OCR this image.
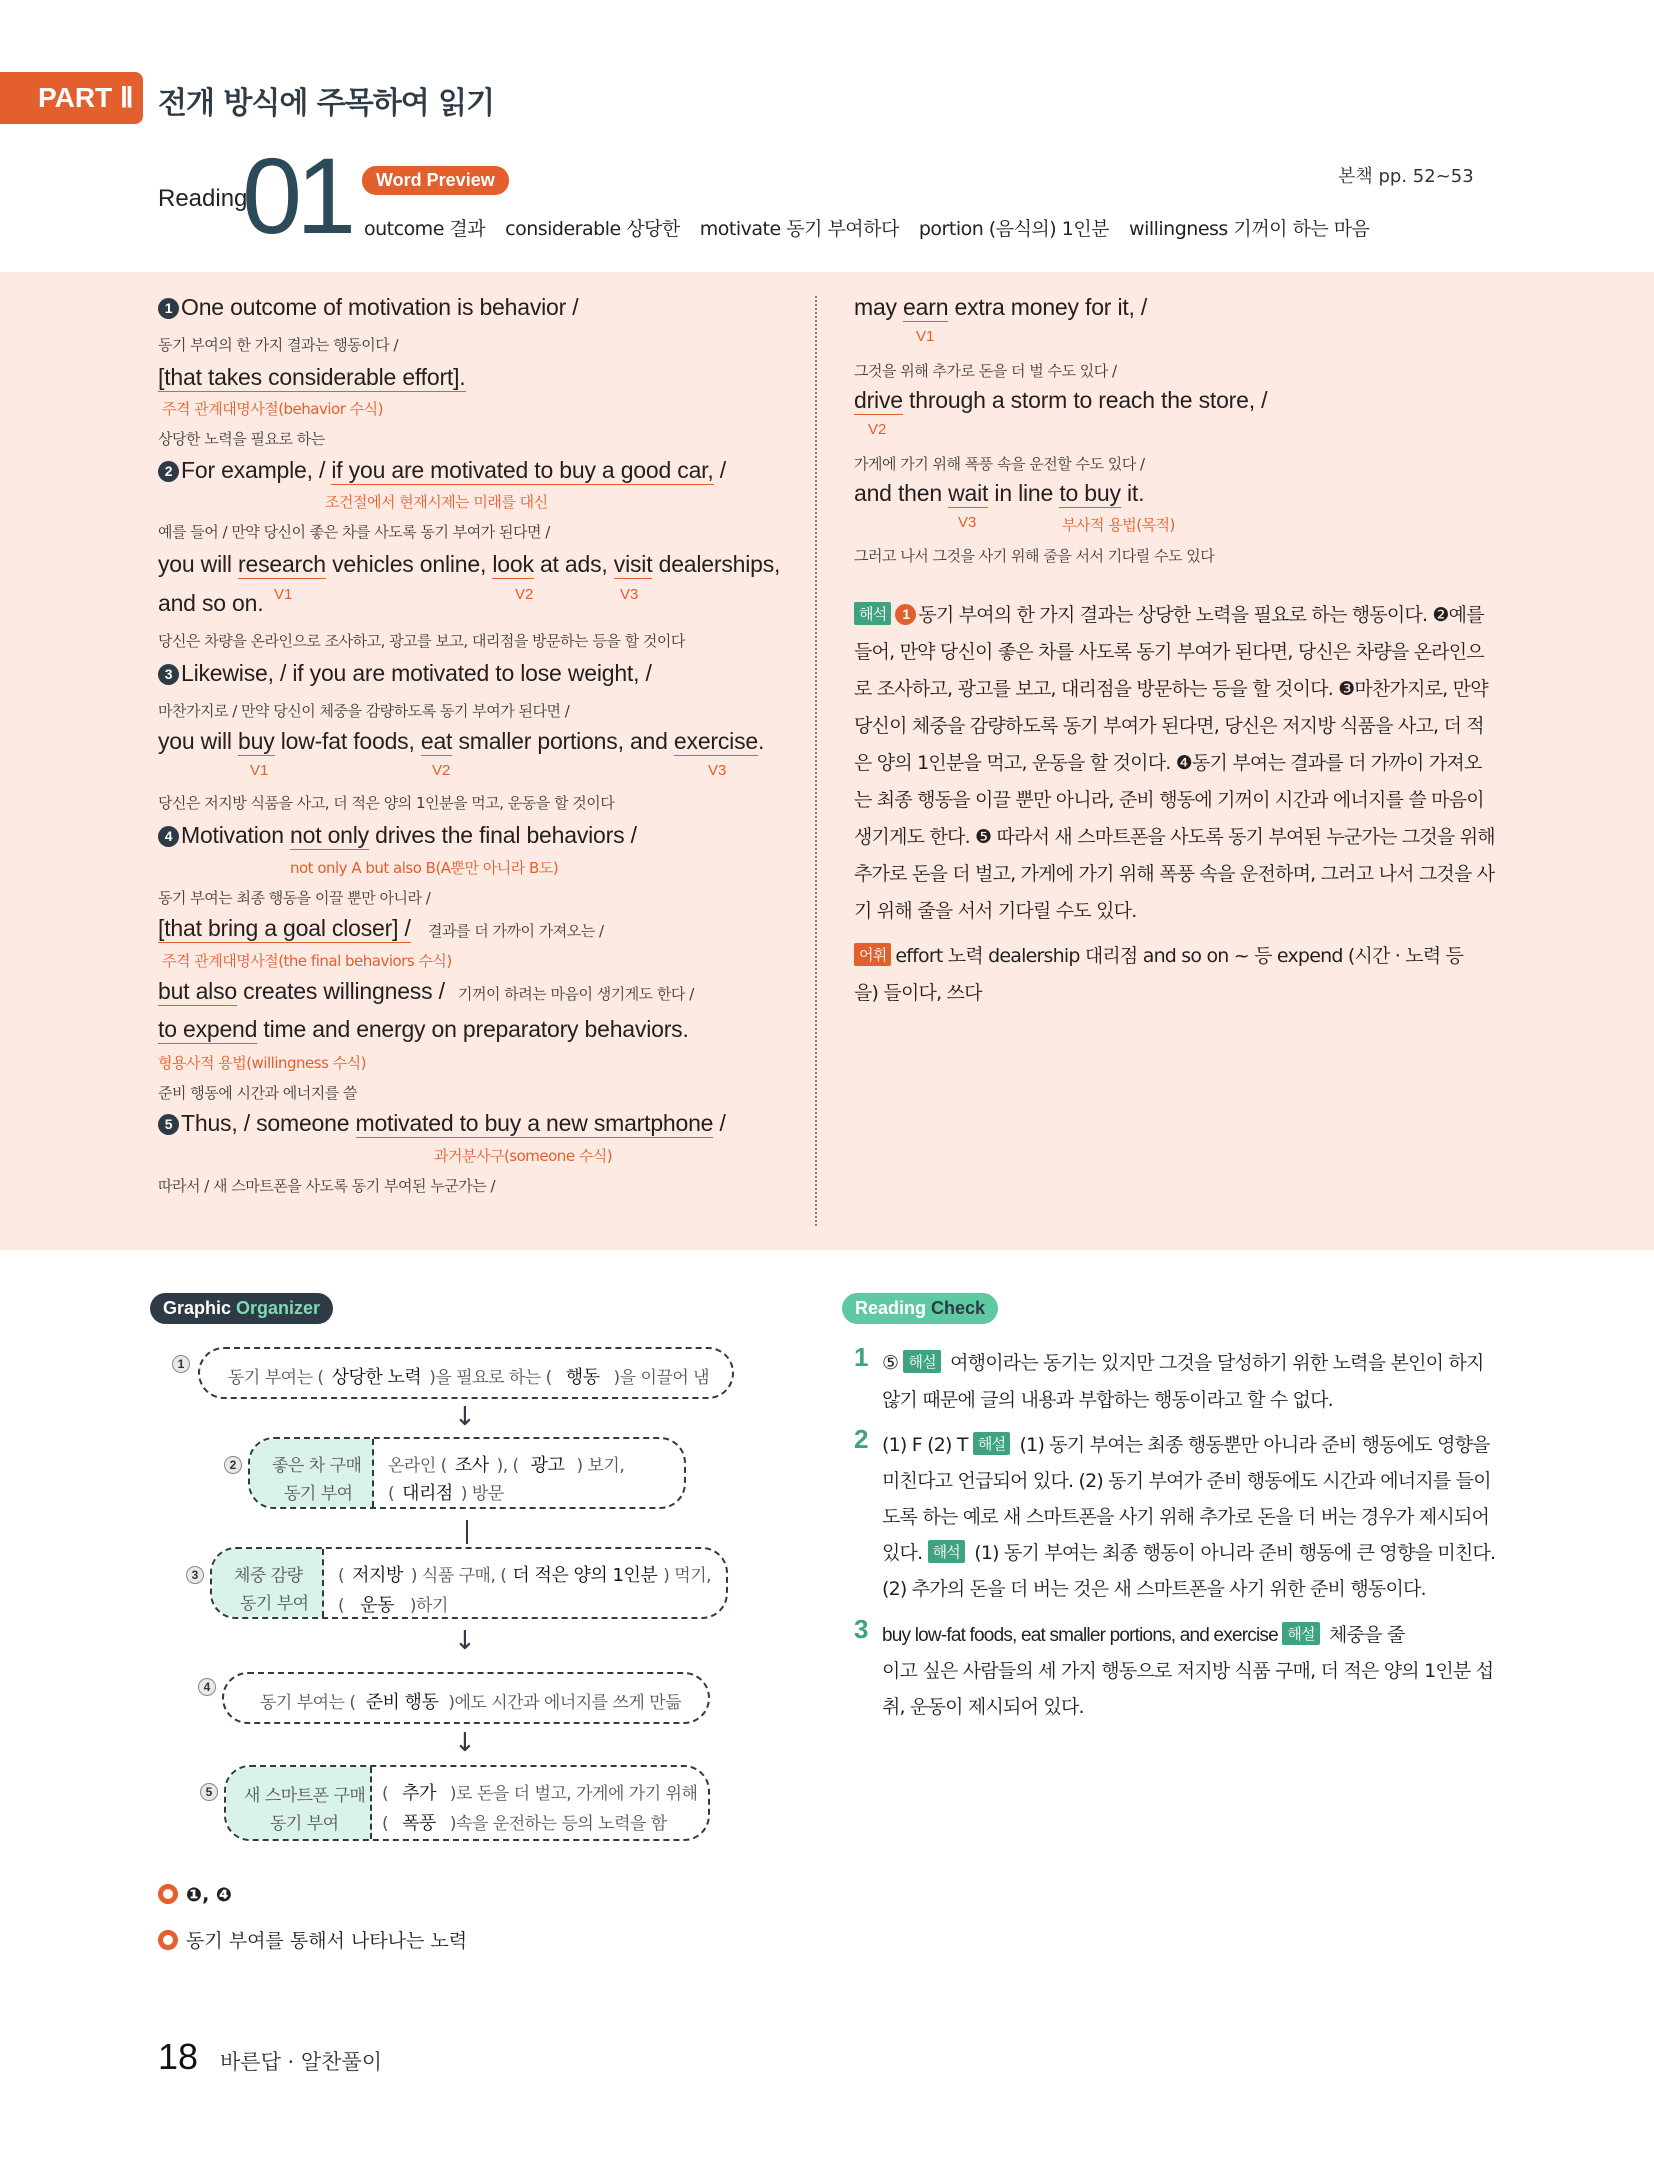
PART Ⅱ 전개 방식에 주목하여 읽기
Reading
01	Word Preview	본책 pp. 52~53
outcome 결과 considerable 상당한 motivate 동기 부여하다 portion (음식의) 1인분 willingness 기꺼이 하는 마음
1 One outcome of motivation is behavior /
동기 부여의 한 가지 결과는 행동이다 /
[that takes considerable effort].
주격 관계대명사절(behavior 수식)
상당한 노력을 필요로 하는
2 For example, / if you are motivated to buy a good car, /
조건절에서 현재시제는 미래를 대신
예를 들어 / 만약 당신이 좋은 차를 사도록 동기 부여가 된다면 /
you will research vehicles online, look at ads, visit dealerships,
and so on. V1	V2	V3
당신은 차량을 온라인으로 조사하고, 광고를 보고, 대리점을 방문하는 등을 할 것이다
3 Likewise, / if you are motivated to lose weight, /
마찬가지로 / 만약 당신이 체중을 감량하도록 동기 부여가 된다면 /
you will buy low-fat foods, eat smaller portions, and exercise.
V1	V2	V3
당신은 저지방 식품을 사고, 더 적은 양의 1인분을 먹고, 운동을 할 것이다
4 Motivation not only drives the final behaviors /
not only A but also B(A뿐만 아니라 B도)
동기 부여는 최종 행동을 이끌 뿐만 아니라 /
[that bring a goal closer] / 결과를 더 가까이 가져오는 /
주격 관계대명사절(the final behaviors 수식)
but also creates willingness / 기꺼이 하려는 마음이 생기게도 한다 /
to expend time and energy on preparatory behaviors.
형용사적 용법(willingness 수식)
준비 행동에 시간과 에너지를 쓸
5 Thus, / someone motivated to buy a new smartphone /
과거분사구(someone 수식)
따라서 / 새 스마트폰을 사도록 동기 부여된 누군가는 /
may earn extra money for it, /
V1
그것을 위해 추가로 돈을 더 벌 수도 있다 /
drive through a storm to reach the store, /
V2
가게에 가기 위해 폭풍 속을 운전할 수도 있다 /
and then wait in line to buy it.
V3	부사적 용법(목적)
그러고 나서 그것을 사기 위해 줄을 서서 기다릴 수도 있다
해석 1 동기 부여의 한 가지 결과는 상당한 노력을 필요로 하는 행동이다. ❷예를
들어, 만약 당신이 좋은 차를 사도록 동기 부여가 된다면, 당신은 차량을 온라인으
로 조사하고, 광고를 보고, 대리점을 방문하는 등을 할 것이다. ❸마찬가지로, 만약
당신이 체중을 감량하도록 동기 부여가 된다면, 당신은 저지방 식품을 사고, 더 적
은 양의 1인분을 먹고, 운동을 할 것이다. ❹동기 부여는 결과를 더 가까이 가져오
는 최종 행동을 이끌 뿐만 아니라, 준비 행동에 기꺼이 시간과 에너지를 쓸 마음이
생기게도 한다. ❺ 따라서 새 스마트폰을 사도록 동기 부여된 누군가는 그것을 위해
추가로 돈을 더 벌고, 가게에 가기 위해 폭풍 속을 운전하며, 그러고 나서 그것을 사
기 위해 줄을 서서 기다릴 수도 있다.
어휘 effort 노력 dealership 대리점 and so on ~ 등 expend (시간 · 노력 등
을) 들이다, 쓰다
Graphic Organizer
1
동기 부여는 ( 상당한 노력 )을 필요로 하는 ( 행동 )을 이끌어 냄
↓
2	좋은 차 구매
동기 부여
온라인 ( 조사 ), ( 광고 ) 보기,
( 대리점 ) 방문
3	체중 감량
동기 부여
( 저지방 ) 식품 구매, ( 더 적은 양의 1인분 ) 먹기,
( 운동 )하기
↓
4
동기 부여는 ( 준비 행동 )에도 시간과 에너지를 쓰게 만듦
↓
5	새 스마트폰 구매
동기 부여
( 추가 )로 돈을 더 벌고, 가게에 가기 위해
( 폭풍 )속을 운전하는 등의 노력을 함
❶, ❹
동기 부여를 통해서 나타나는 노력
Reading Check
1 ⑤ 해설 여행이라는 동기는 있지만 그것을 달성하기 위한 노력을 본인이 하지
않기 때문에 글의 내용과 부합하는 행동이라고 할 수 없다.
2 (1) F (2) T 해설 (1) 동기 부여는 최종 행동뿐만 아니라 준비 행동에도 영향을
미친다고 언급되어 있다. (2) 동기 부여가 준비 행동에도 시간과 에너지를 들이
도록 하는 예로 새 스마트폰을 사기 위해 추가로 돈을 더 버는 경우가 제시되어
있다. 해석 (1) 동기 부여는 최종 행동이 아니라 준비 행동에 큰 영향을 미친다.
(2) 추가의 돈을 더 버는 것은 새 스마트폰을 사기 위한 준비 행동이다.
3 buy low-fat foods, eat smaller portions, and exercise 해설 체중을 줄
이고 싶은 사람들의 세 가지 행동으로 저지방 식품 구매, 더 적은 양의 1인분 섭
취, 운동이 제시되어 있다.
18 바른답 · 알찬풀이
